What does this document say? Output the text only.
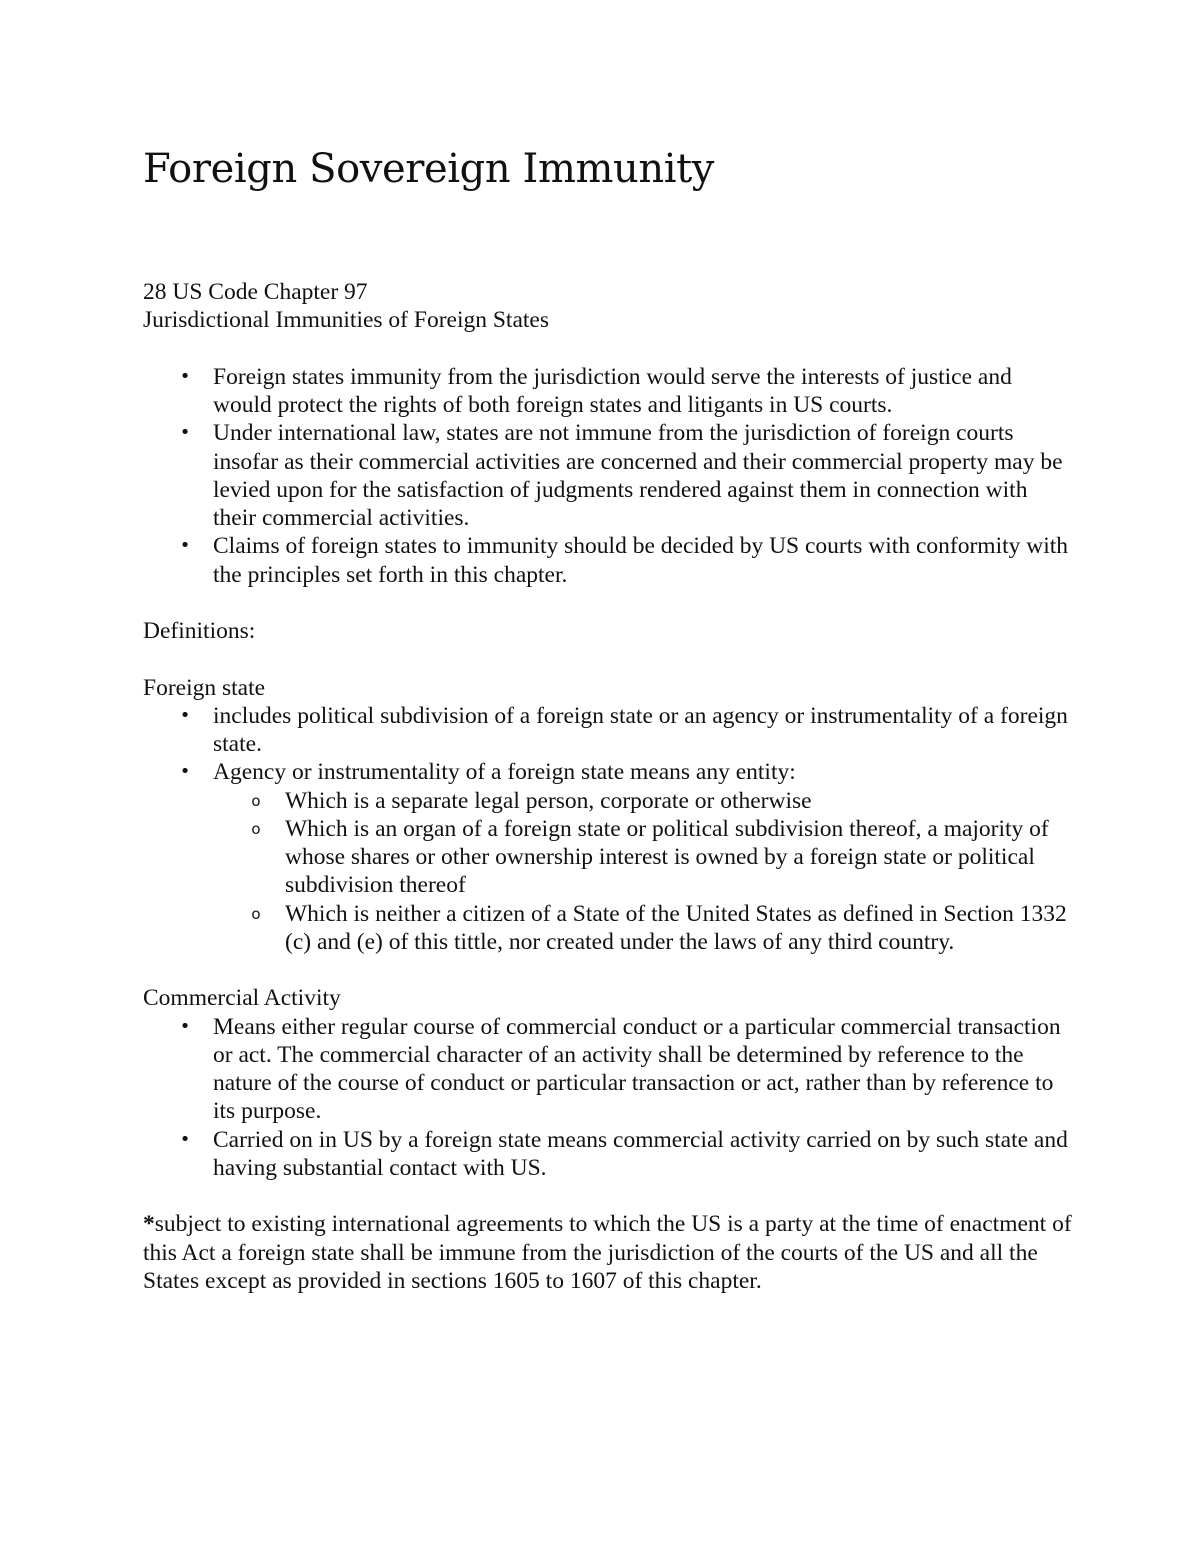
Foreign Sovereign Immunity

28 US Code Chapter 97

Jurisdictional Immunities of Foreign States

• Foreign states immunity from the jurisdiction would serve the interests of justice and would protect the rights of both foreign states and litigants in US courts.
• Under international law, states are not immune from the jurisdiction of foreign courts insofar as their commercial activities are concerned and their commercial property may be levied upon for the satisfaction of judgments rendered against them in connection with their commercial activities.
• Claims of foreign states to immunity should be decided by US courts with conformity with the principles set forth in this chapter.

Definitions:

Foreign state

• includes political subdivision of a foreign state or an agency or instrumentality of a foreign state.
• Agency or instrumentality of a foreign state means any entity:
o Which is a separate legal person, corporate or otherwise
o Which is an organ of a foreign state or political subdivision thereof, a majority of whose shares or other ownership interest is owned by a foreign state or political subdivision thereof
o Which is neither a citizen of a State of the United States as defined in Section 1332 (c) and (e) of this tittle, nor created under the laws of any third country.

Commercial Activity

• Means either regular course of commercial conduct or a particular commercial transaction or act. The commercial character of an activity shall be determined by reference to the nature of the course of conduct or particular transaction or act, rather than by reference to its purpose.
• Carried on in US by a foreign state means commercial activity carried on by such state and having substantial contact with US.

*subject to existing international agreements to which the US is a party at the time of enactment of this Act a foreign state shall be immune from the jurisdiction of the courts of the US and all the States except as provided in sections 1605 to 1607 of this chapter.
